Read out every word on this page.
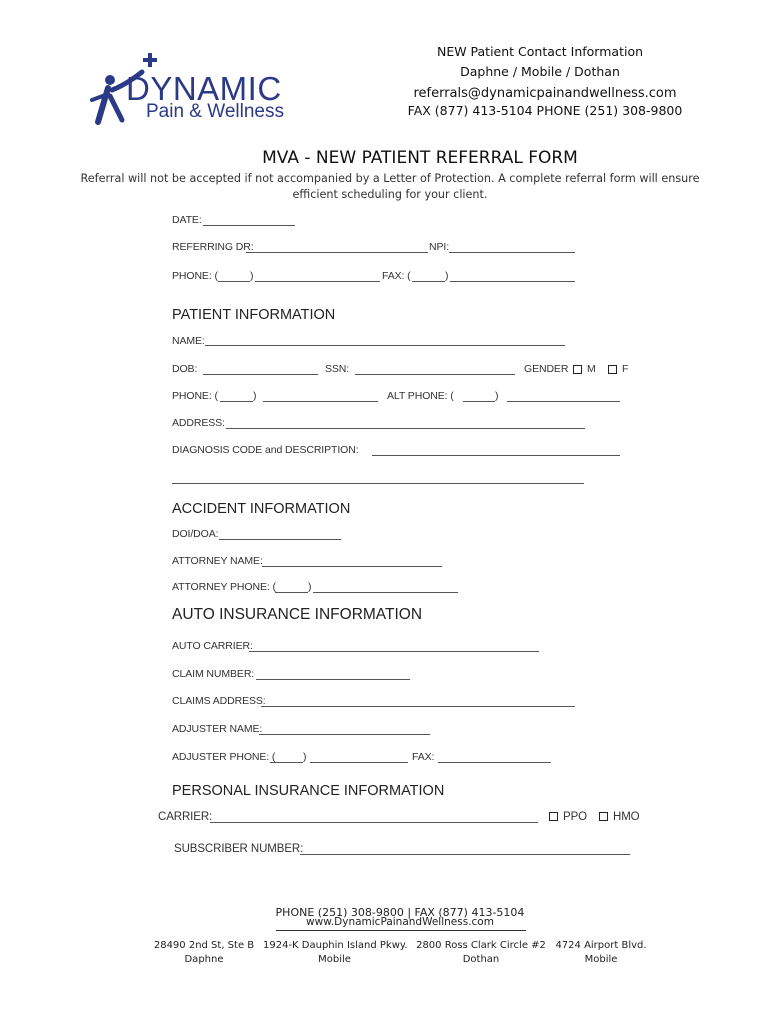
DYNAMIC
Pain & Wellness
NEW Patient Contact Information
Daphne / Mobile / Dothan
referrals@dynamicpainandwellness.com
FAX (877) 413-5104 PHONE (251) 308-9800
MVA - NEW PATIENT REFERRAL FORM
Referral will not be accepted if not accompanied by a Letter of Protection. A complete referral form will ensure
efficient scheduling for your client.
DATE:
REFERRING DR:	NPI:
PHONE: (	)	FAX: (	)
PATIENT INFORMATION
NAME:
DOB:	SSN:	GENDER	M	F
PHONE: (	)	ALT PHONE: (	)
ADDRESS:
DIAGNOSIS CODE and DESCRIPTION:
ACCIDENT INFORMATION
DOI/DOA:
ATTORNEY NAME:
ATTORNEY PHONE: (	)
AUTO INSURANCE INFORMATION
AUTO CARRIER:
CLAIM NUMBER:
CLAIMS ADDRESS:
ADJUSTER NAME:
ADJUSTER PHONE: (	)	FAX:
PERSONAL INSURANCE INFORMATION
CARRIER:	PPO	HMO
SUBSCRIBER NUMBER:
PHONE (251) 308-9800 | FAX (877) 413-5104
www.DynamicPainandWellness.com
28490 2nd St, Ste B
Daphne
1924-K Dauphin Island Pkwy.
Mobile
2800 Ross Clark Circle #2
Dothan
4724 Airport Blvd.
Mobile
